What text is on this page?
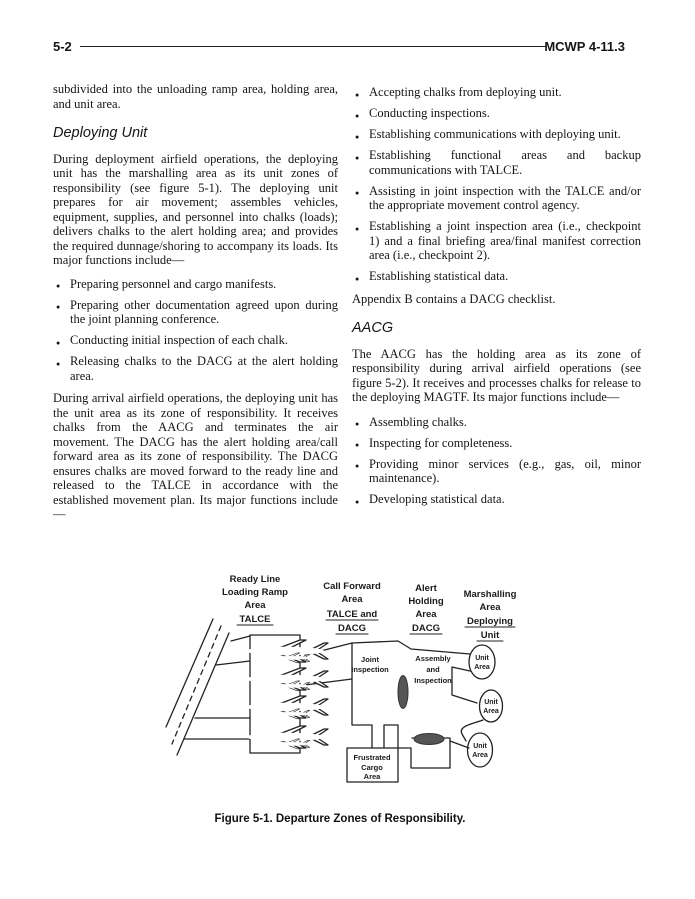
5-2	MCWP 4-11.3

subdivided into the unloading ramp area, holding area, and unit area.

Deploying Unit

During deployment airfield operations, the deploying unit has the marshalling area as its unit zones of responsibility (see figure 5-1). The deploying unit prepares for air movement; assembles vehicles, equipment, supplies, and personnel into chalks (loads); delivers chalks to the alert holding area; and provides the required dunnage/shoring to accompany its loads. Its major functions include—

● Preparing personnel and cargo manifests.
● Preparing other documentation agreed upon during the joint planning conference.
● Conducting initial inspection of each chalk.
● Releasing chalks to the DACG at the alert holding area.

During arrival airfield operations, the deploying unit has the unit area as its zone of responsibility. It receives chalks from the AACG and terminates the air movement. The DACG has the alert holding area/call forward area as its zone of responsibility. The DACG ensures chalks are moved forward to the ready line and released to the TALCE in accordance with the established movement plan. Its major functions include—

● Accepting chalks from deploying unit.
● Conducting inspections.
● Establishing communications with deploying unit.
● Establishing functional areas and backup communications with TALCE.
● Assisting in joint inspection with the TALCE and/or the appropriate movement control agency.
● Establishing a joint inspection area (i.e., checkpoint 1) and a final briefing area/final manifest correction area (i.e., checkpoint 2).
● Establishing statistical data.

Appendix B contains a DACG checklist.

AACG

The AACG has the holding area as its zone of responsibility during arrival airfield operations (see figure 5-2). It receives and processes chalks for release to the deploying MAGTF. Its major functions include—

● Assembling chalks.
● Inspecting for completeness.
● Providing minor services (e.g., gas, oil, minor maintenance).
● Developing statistical data.
Ready Line
Loading Ramp
Area
TALCE
Call Forward
Area
TALCE and
DACG
Alert
Holding
Area
DACG
Marshalling
Area
Deploying
Unit
Joint
Inspection
Assembly
and
Inspection
Unit
Area
Unit
Area
Unit
Area
Frustrated
Cargo
Area
Figure 5-1. Departure Zones of Responsibility.
